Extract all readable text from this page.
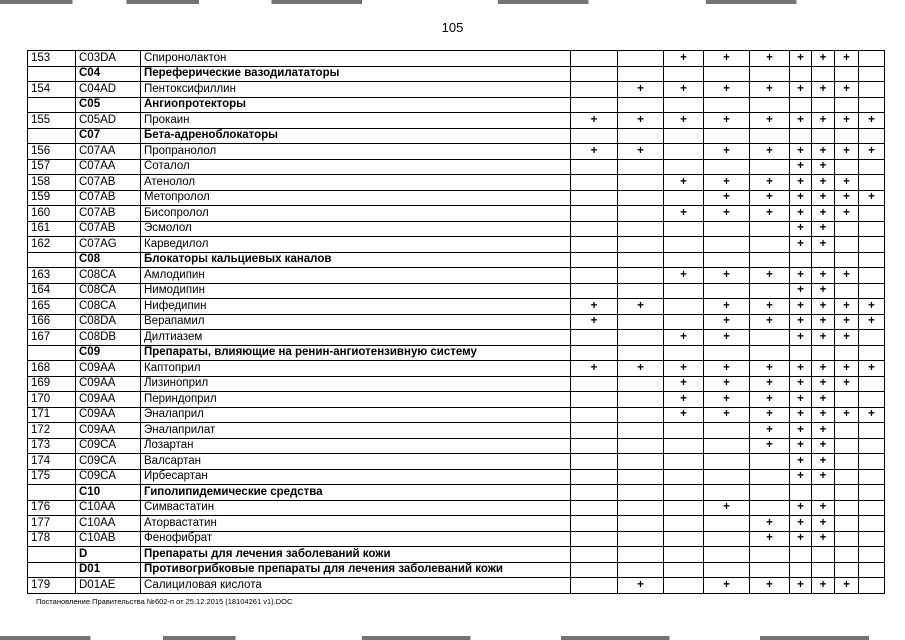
105
153	C03DA	Спиронолактон			+	+	+	+	+	+	
	C04	Переферические вазодилататоры									
154	C04AD	Пентоксифиллин		+	+	+	+	+	+	+	
	C05	Ангиопротекторы									
155	C05AD	Прокаин	+	+	+	+	+	+	+	+	+
	C07	Бета-адреноблокаторы									
156	C07AA	Пропранолол	+	+		+	+	+	+	+	+
157	C07AA	Соталол						+	+		
158	C07AB	Атенолол			+	+	+	+	+	+	
159	C07AB	Метопролол				+	+	+	+	+	+
160	C07AB	Бисопролол			+	+	+	+	+	+	
161	C07AB	Эсмолол						+	+		
162	C07AG	Карведилол						+	+		
	C08	Блокаторы кальциевых каналов									
163	C08CA	Амлодипин			+	+	+	+	+	+	
164	C08CA	Нимодипин						+	+		
165	C08CA	Нифедипин	+	+		+	+	+	+	+	+
166	C08DA	Верапамил	+			+	+	+	+	+	+
167	C08DB	Дилтиазем			+	+		+	+	+	
	C09	Препараты, влияющие на ренин-ангиотензивную систему									
168	C09AA	Каптоприл	+	+	+	+	+	+	+	+	+
169	C09AA	Лизиноприл			+	+	+	+	+	+	
170	C09AA	Периндоприл			+	+	+	+	+		
171	C09AA	Эналаприл			+	+	+	+	+	+	+
172	C09AA	Эналаприлат					+	+	+		
173	C09CA	Лозартан					+	+	+		
174	C09CA	Валсартан						+	+		
175	C09CA	Ирбесартан						+	+		
	C10	Гиполипидемические средства									
176	C10AA	Симвастатин				+		+	+		
177	C10AA	Аторвастатин					+	+	+		
178	C10AB	Фенофибрат					+	+	+		
	D	Препараты для лечения заболеваний кожи									
	D01	Противогрибковые препараты для лечения заболеваний кожи									
179	D01AE	Салициловая кислота		+		+	+	+	+	+	
Постановление Правительства №602-п от 25.12.2015 (18104261 v1).DOC
